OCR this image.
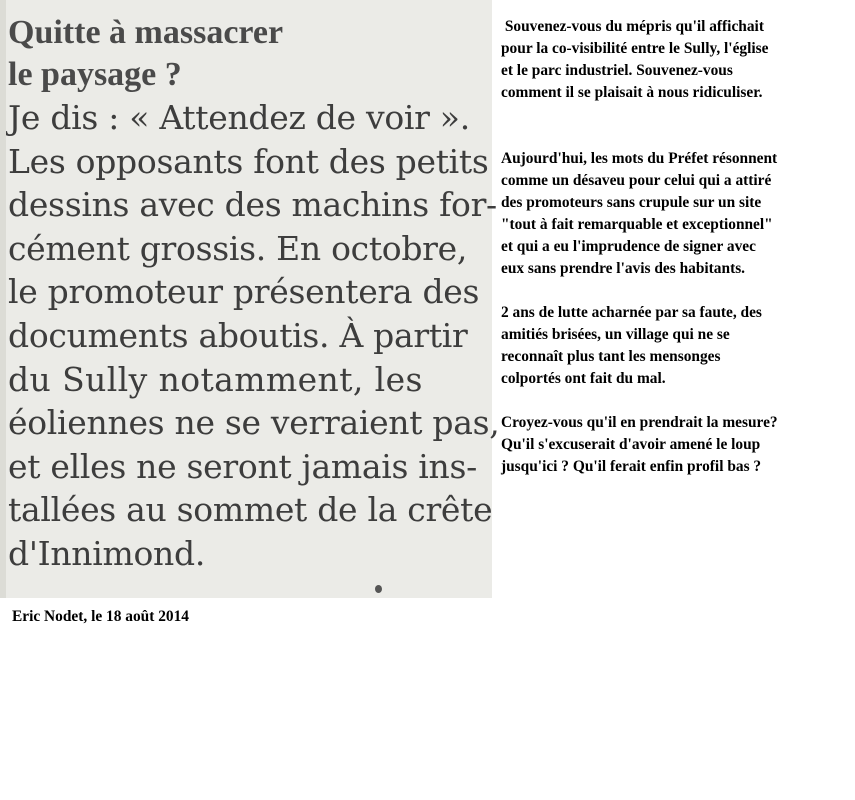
Quitte à massacrer
le paysage ?
Je dis : « Attendez de voir ».
Les opposants font des petits
dessins avec des machins for-
cément grossis. En octobre,
le promoteur présentera des
documents aboutis. À partir
du Sully notamment, les
éoliennes ne se verraient pas,
et elles ne seront jamais ins-
tallées au sommet de la crête
d'Innimond.
Souvenez-vous du mépris qu'il affichait
pour la co-visibilité entre le Sully, l'église
et le parc industriel. Souvenez-vous
comment il se plaisait à nous ridiculiser.
Aujourd'hui, les mots du Préfet résonnent
comme un désaveu pour celui qui a attiré
des promoteurs sans crupule sur un site
"tout à fait remarquable et exceptionnel"
et qui a eu l'imprudence de signer avec
eux sans prendre l'avis des habitants.
2 ans de lutte acharnée par sa faute, des
amitiés brisées, un village qui ne se
reconnaît plus tant les mensonges
colportés ont fait du mal.
Croyez-vous qu'il en prendrait la mesure?
Qu'il s'excuserait d'avoir amené le loup
jusqu'ici ? Qu'il ferait enfin profil bas ?
Eric Nodet, le 18 août 2014
